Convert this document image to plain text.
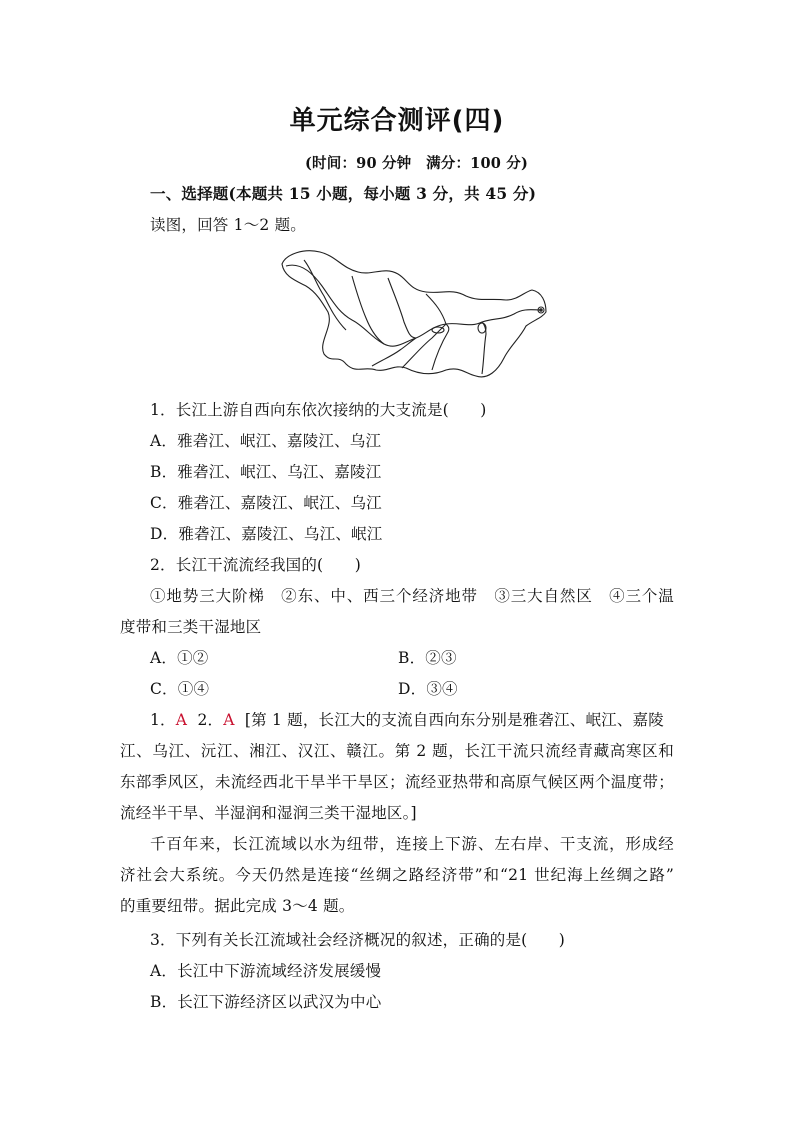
单元综合测评(四)
(时间：90 分钟　满分：100 分)
一、选择题(本题共 15 小题，每小题 3 分，共 45 分)
读图，回答 1～2 题。
1．长江上游自西向东依次接纳的大支流是(　　)
A．雅砻江、岷江、嘉陵江、乌江
B．雅砻江、岷江、乌江、嘉陵江
C．雅砻江、嘉陵江、岷江、乌江
D．雅砻江、嘉陵江、乌江、岷江
2．长江干流流经我国的(　　)
①地势三大阶梯　②东、中、西三个经济地带　③三大自然区　④三个温
度带和三类干湿地区
A．①②	B．②③
C．①④	D．③④
1．A 2．A [第 1 题，长江大的支流自西向东分别是雅砻江、岷江、嘉陵
江、乌江、沅江、湘江、汉江、赣江。第 2 题，长江干流只流经青藏高寒区和
东部季风区，未流经西北干旱半干旱区；流经亚热带和高原气候区两个温度带；
流经半干旱、半湿润和湿润三类干湿地区。]
千百年来，长江流域以水为纽带，连接上下游、左右岸、干支流，形成经
济社会大系统。今天仍然是连接“丝绸之路经济带”和“21 世纪海上丝绸之路”
的重要纽带。据此完成 3～4 题。
3．下列有关长江流域社会经济概况的叙述，正确的是(　　)
A．长江中下游流域经济发展缓慢
B．长江下游经济区以武汉为中心
